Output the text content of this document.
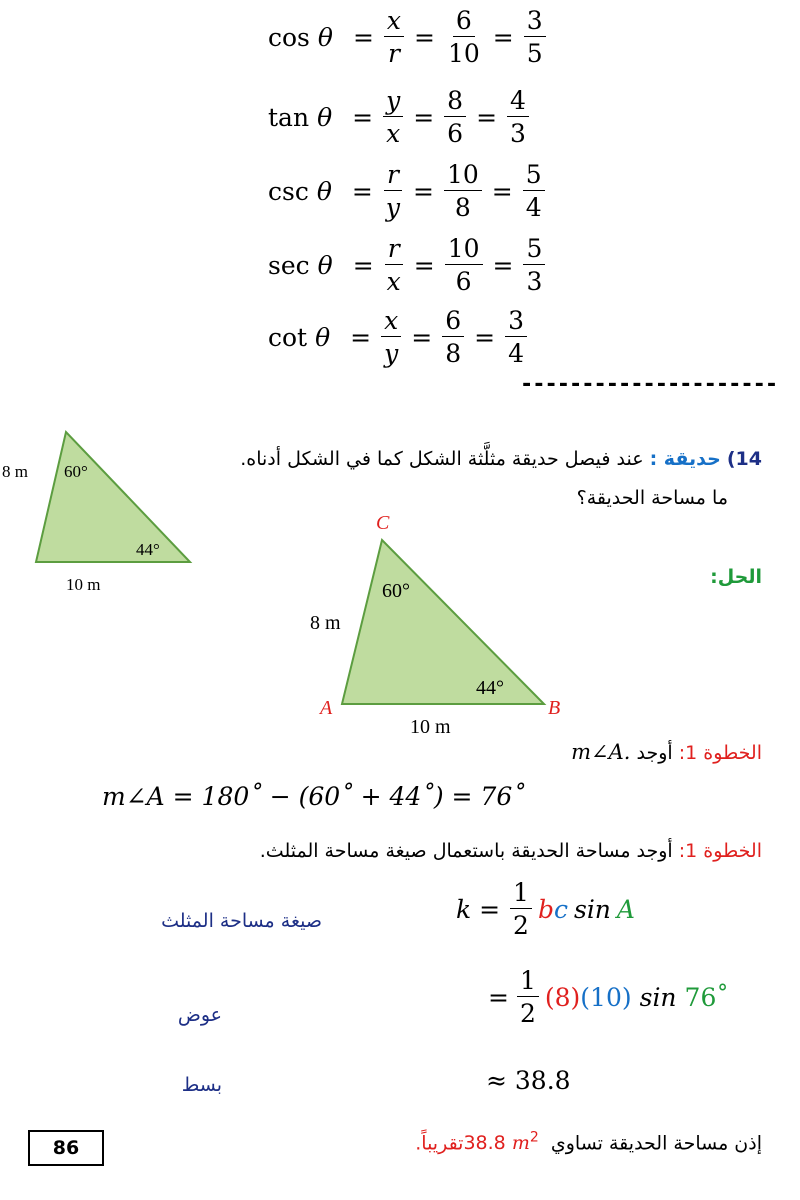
$\cos \theta = \frac{x}{r} = \frac{6}{10} = \frac{3}{5}$
$\tan \theta = \frac{y}{x} = \frac{8}{6} = \frac{4}{3}$
$\csc \theta = \frac{r}{y} = \frac{10}{8} = \frac{5}{4}$
$\sec \theta = \frac{r}{x} = \frac{10}{6} = \frac{5}{3}$
$\cot \theta = \frac{x}{y} = \frac{6}{8} = \frac{3}{4}$
---------------------
14) حديقة : عند فيصل حديقة مثلَّثة الشكل كما في الشكل أدناه.
ما مساحة الحديقة؟
الحل:
8 m
10 m
60°
44°
C
A	B
8 m
10 m
60°
44°
الخطوة 1: أوجد m∠A.
m∠A = 180˚ − (60˚ + 44˚) = 76˚
الخطوة 1: أوجد مساحة الحديقة باستعمال صيغة مساحة المثلث.
صيغة مساحة المثلث	$k = \frac{1}{2}$ b c sin A
عوض
= $\frac{1}{2} (8)$ (10) sin 76˚
بسط	≈ 38.8
إذن مساحة الحديقة تساوي 38.8 $m^2$ تقريباً.
86
